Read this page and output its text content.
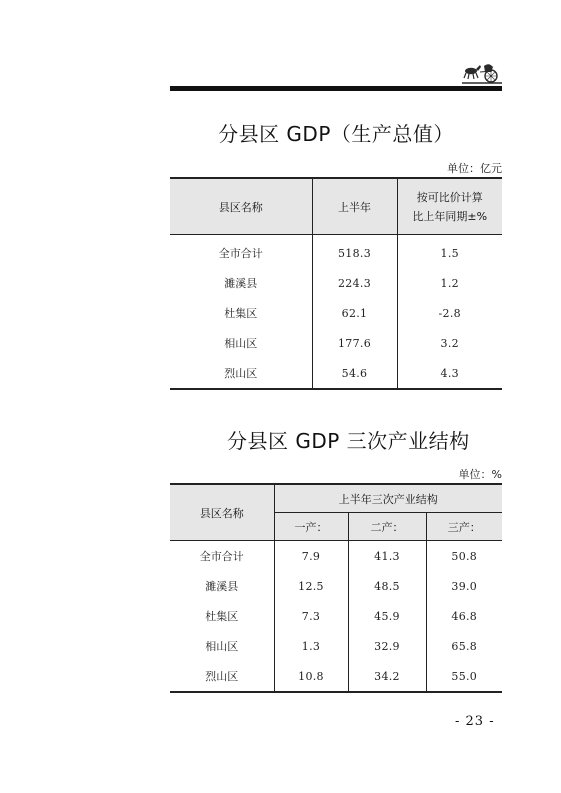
分县区 GDP（生产总值）
单位：亿元
县区名称	上半年	按可比价计算
比上年同期±%

全市合计	518.3	1.5
濉溪县	224.3	1.2
杜集区	62.1	-2.8
相山区	177.6	3.2
烈山区	54.6	4.3
分县区 GDP 三次产业结构
单位：%
县区名称	上半年三次产业结构		
	一产：	二产：	三产：
全市合计	7.9	41.3	50.8
濉溪县	12.5	48.5	39.0
杜集区	7.3	45.9	46.8
相山区	1.3	32.9	65.8
烈山区	10.8	34.2	55.0
- 23 -
